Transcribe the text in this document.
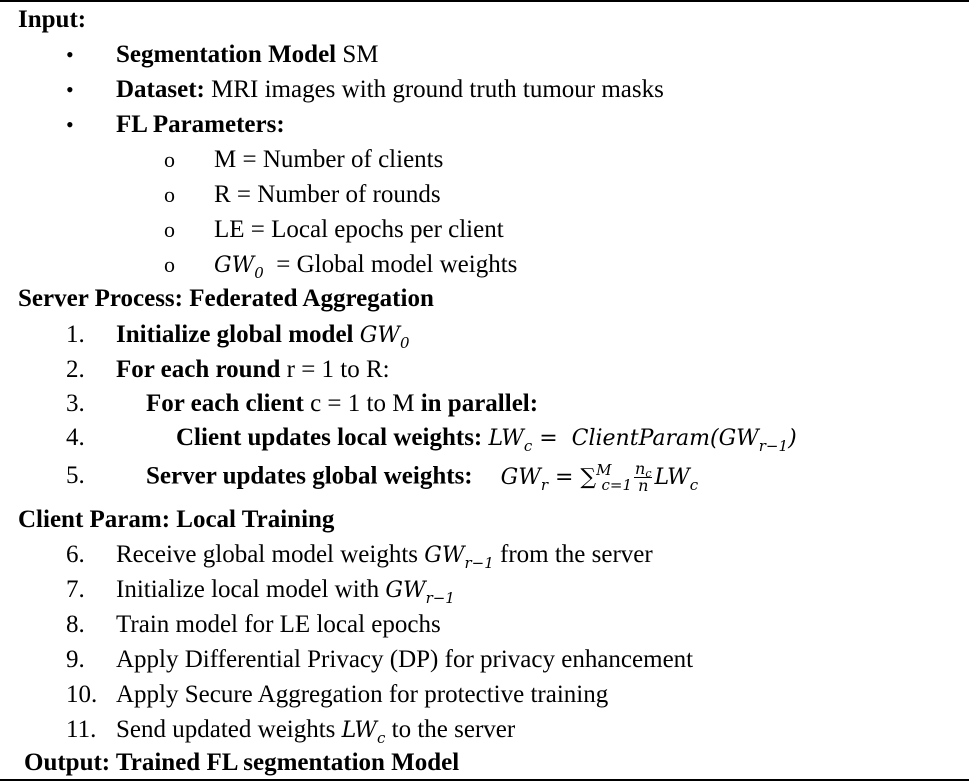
Input:
• Segmentation Model SM
• Dataset: MRI images with ground truth tumour masks
• FL Parameters:
o M = Number of clients
o R = Number of rounds
o LE = Local epochs per client
o $GW_0$  = Global model weights
Server Process: Federated Aggregation
1. Initialize global model $GW_0$
2. For each round r = 1 to R:
3. For each client c = 1 to M in parallel:
4.	Client updates local weights: $LW_c$ =  $ClientParam(GW_{r-1})$
5. Server updates global weights: $GW_r = \sum^M_{c=1} \frac{n_c}{n} LW_c$
Client Param: Local Training
6. Receive global model weights $GW_{r-1}$ from the server
7. Initialize local model with $GW_{r-1}$
8. Train model for LE local epochs
9. Apply Differential Privacy (DP) for privacy enhancement
10. Apply Secure Aggregation for protective training
11. Send updated weights $LW_c$ to the server
Output: Trained FL segmentation Model
